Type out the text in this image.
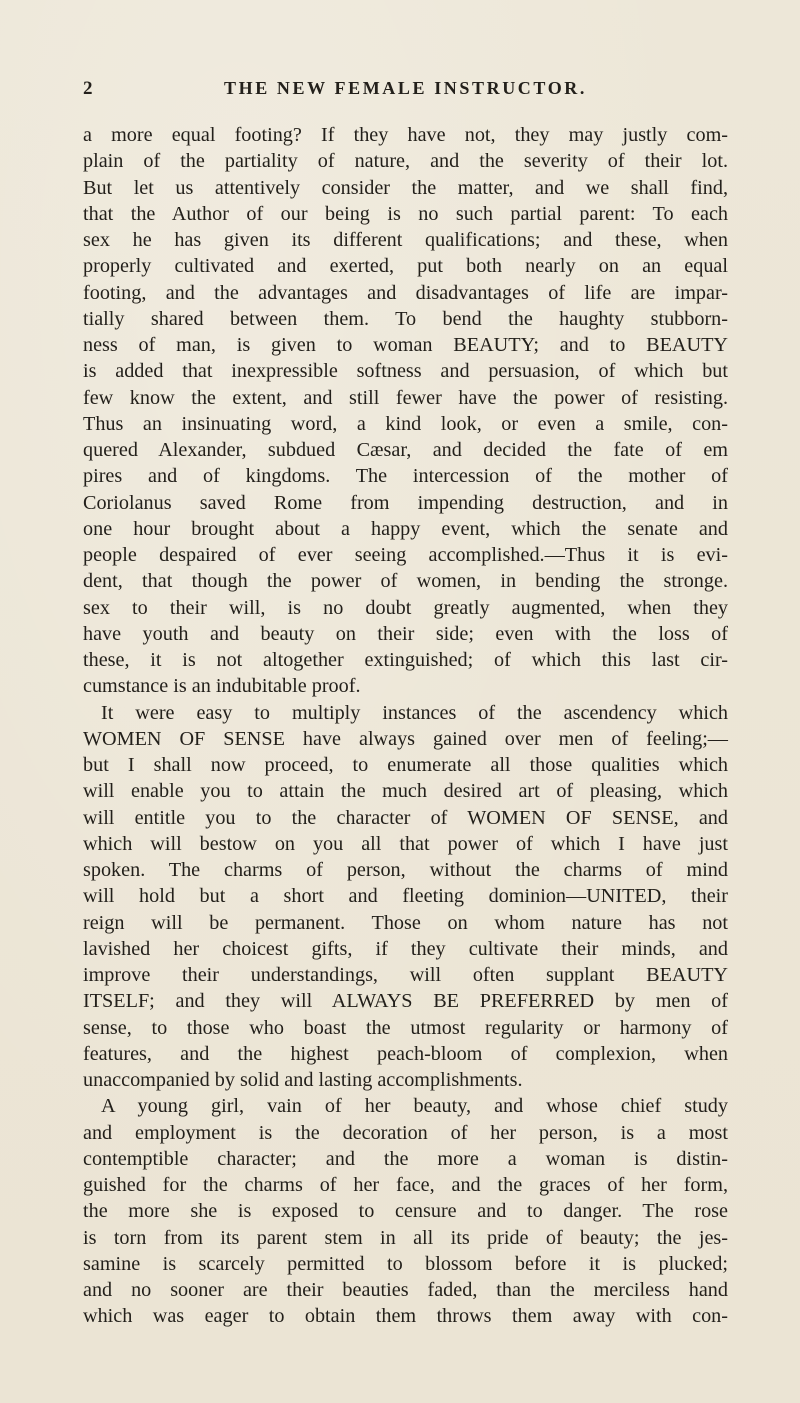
2	THE NEW FEMALE INSTRUCTOR.
a more equal footing? If they have not, they may justly com-
plain of the partiality of nature, and the severity of their lot.
But let us attentively consider the matter, and we shall find,
that the Author of our being is no such partial parent: To each
sex he has given its different qualifications; and these, when
properly cultivated and exerted, put both nearly on an equal
footing, and the advantages and disadvantages of life are impar-
tially shared between them. To bend the haughty stubborn-
ness of man, is given to woman BEAUTY; and to BEAUTY
is added that inexpressible softness and persuasion, of which but
few know the extent, and still fewer have the power of resisting.
Thus an insinuating word, a kind look, or even a smile, con-
quered Alexander, subdued Cæsar, and decided the fate of em
pires and of kingdoms. The intercession of the mother of
Coriolanus saved Rome from impending destruction, and in
one hour brought about a happy event, which the senate and
people despaired of ever seeing accomplished.—Thus it is evi-
dent, that though the power of women, in bending the stronge.
sex to their will, is no doubt greatly augmented, when they
have youth and beauty on their side; even with the loss of
these, it is not altogether extinguished; of which this last cir-
cumstance is an indubitable proof.
It were easy to multiply instances of the ascendency which
WOMEN OF SENSE have always gained over men of feeling;—
but I shall now proceed, to enumerate all those qualities which
will enable you to attain the much desired art of pleasing, which
will entitle you to the character of WOMEN OF SENSE, and
which will bestow on you all that power of which I have just
spoken. The charms of person, without the charms of mind
will hold but a short and fleeting dominion—UNITED, their
reign will be permanent. Those on whom nature has not
lavished her choicest gifts, if they cultivate their minds, and
improve their understandings, will often supplant BEAUTY
ITSELF; and they will ALWAYS BE PREFERRED by men of
sense, to those who boast the utmost regularity or harmony of
features, and the highest peach-bloom of complexion, when
unaccompanied by solid and lasting accomplishments.
A young girl, vain of her beauty, and whose chief study
and employment is the decoration of her person, is a most
contemptible character; and the more a woman is distin-
guished for the charms of her face, and the graces of her form,
the more she is exposed to censure and to danger. The rose
is torn from its parent stem in all its pride of beauty; the jes-
samine is scarcely permitted to blossom before it is plucked;
and no sooner are their beauties faded, than the merciless hand
which was eager to obtain them throws them away with con-
